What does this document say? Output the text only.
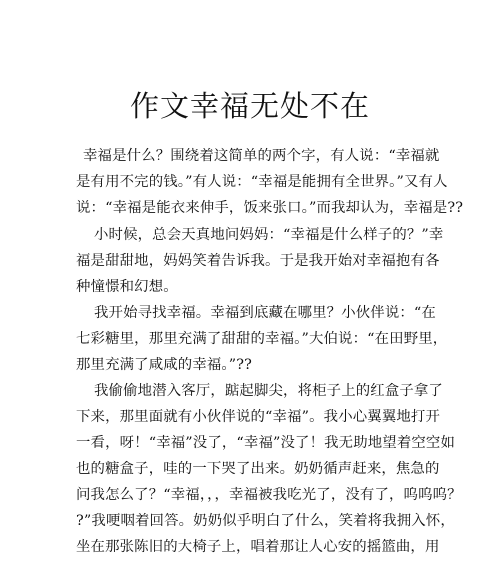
作文幸福无处不在
幸福是什么？围绕着这简单的两个字，有人说：“幸福就
是有用不完的钱。”有人说：“幸福是能拥有全世界。”又有人
说：“幸福是能衣来伸手，饭来张口。”而我却认为，幸福是??
小时候，总会天真地问妈妈：“幸福是什么样子的？”幸
福是甜甜地，妈妈笑着告诉我。于是我开始对幸福抱有各
种憧憬和幻想。
我开始寻找幸福。幸福到底藏在哪里？小伙伴说：“在
七彩糖里，那里充满了甜甜的幸福。”大伯说：“在田野里，
那里充满了咸咸的幸福。”??
我偷偷地潜入客厅，踮起脚尖，将柜子上的红盒子拿了
下来，那里面就有小伙伴说的“幸福”。我小心翼翼地打开
一看，呀！“幸福”没了，“幸福”没了！我无助地望着空空如
也的糖盒子，哇的一下哭了出来。奶奶循声赶来，焦急的
问我怎么了？“幸福，，，幸福被我吃光了，没有了，呜呜呜？
?”我哽咽着回答。奶奶似乎明白了什么，笑着将我拥入怀，
坐在那张陈旧的大椅子上，唱着那让人心安的摇篮曲，用
